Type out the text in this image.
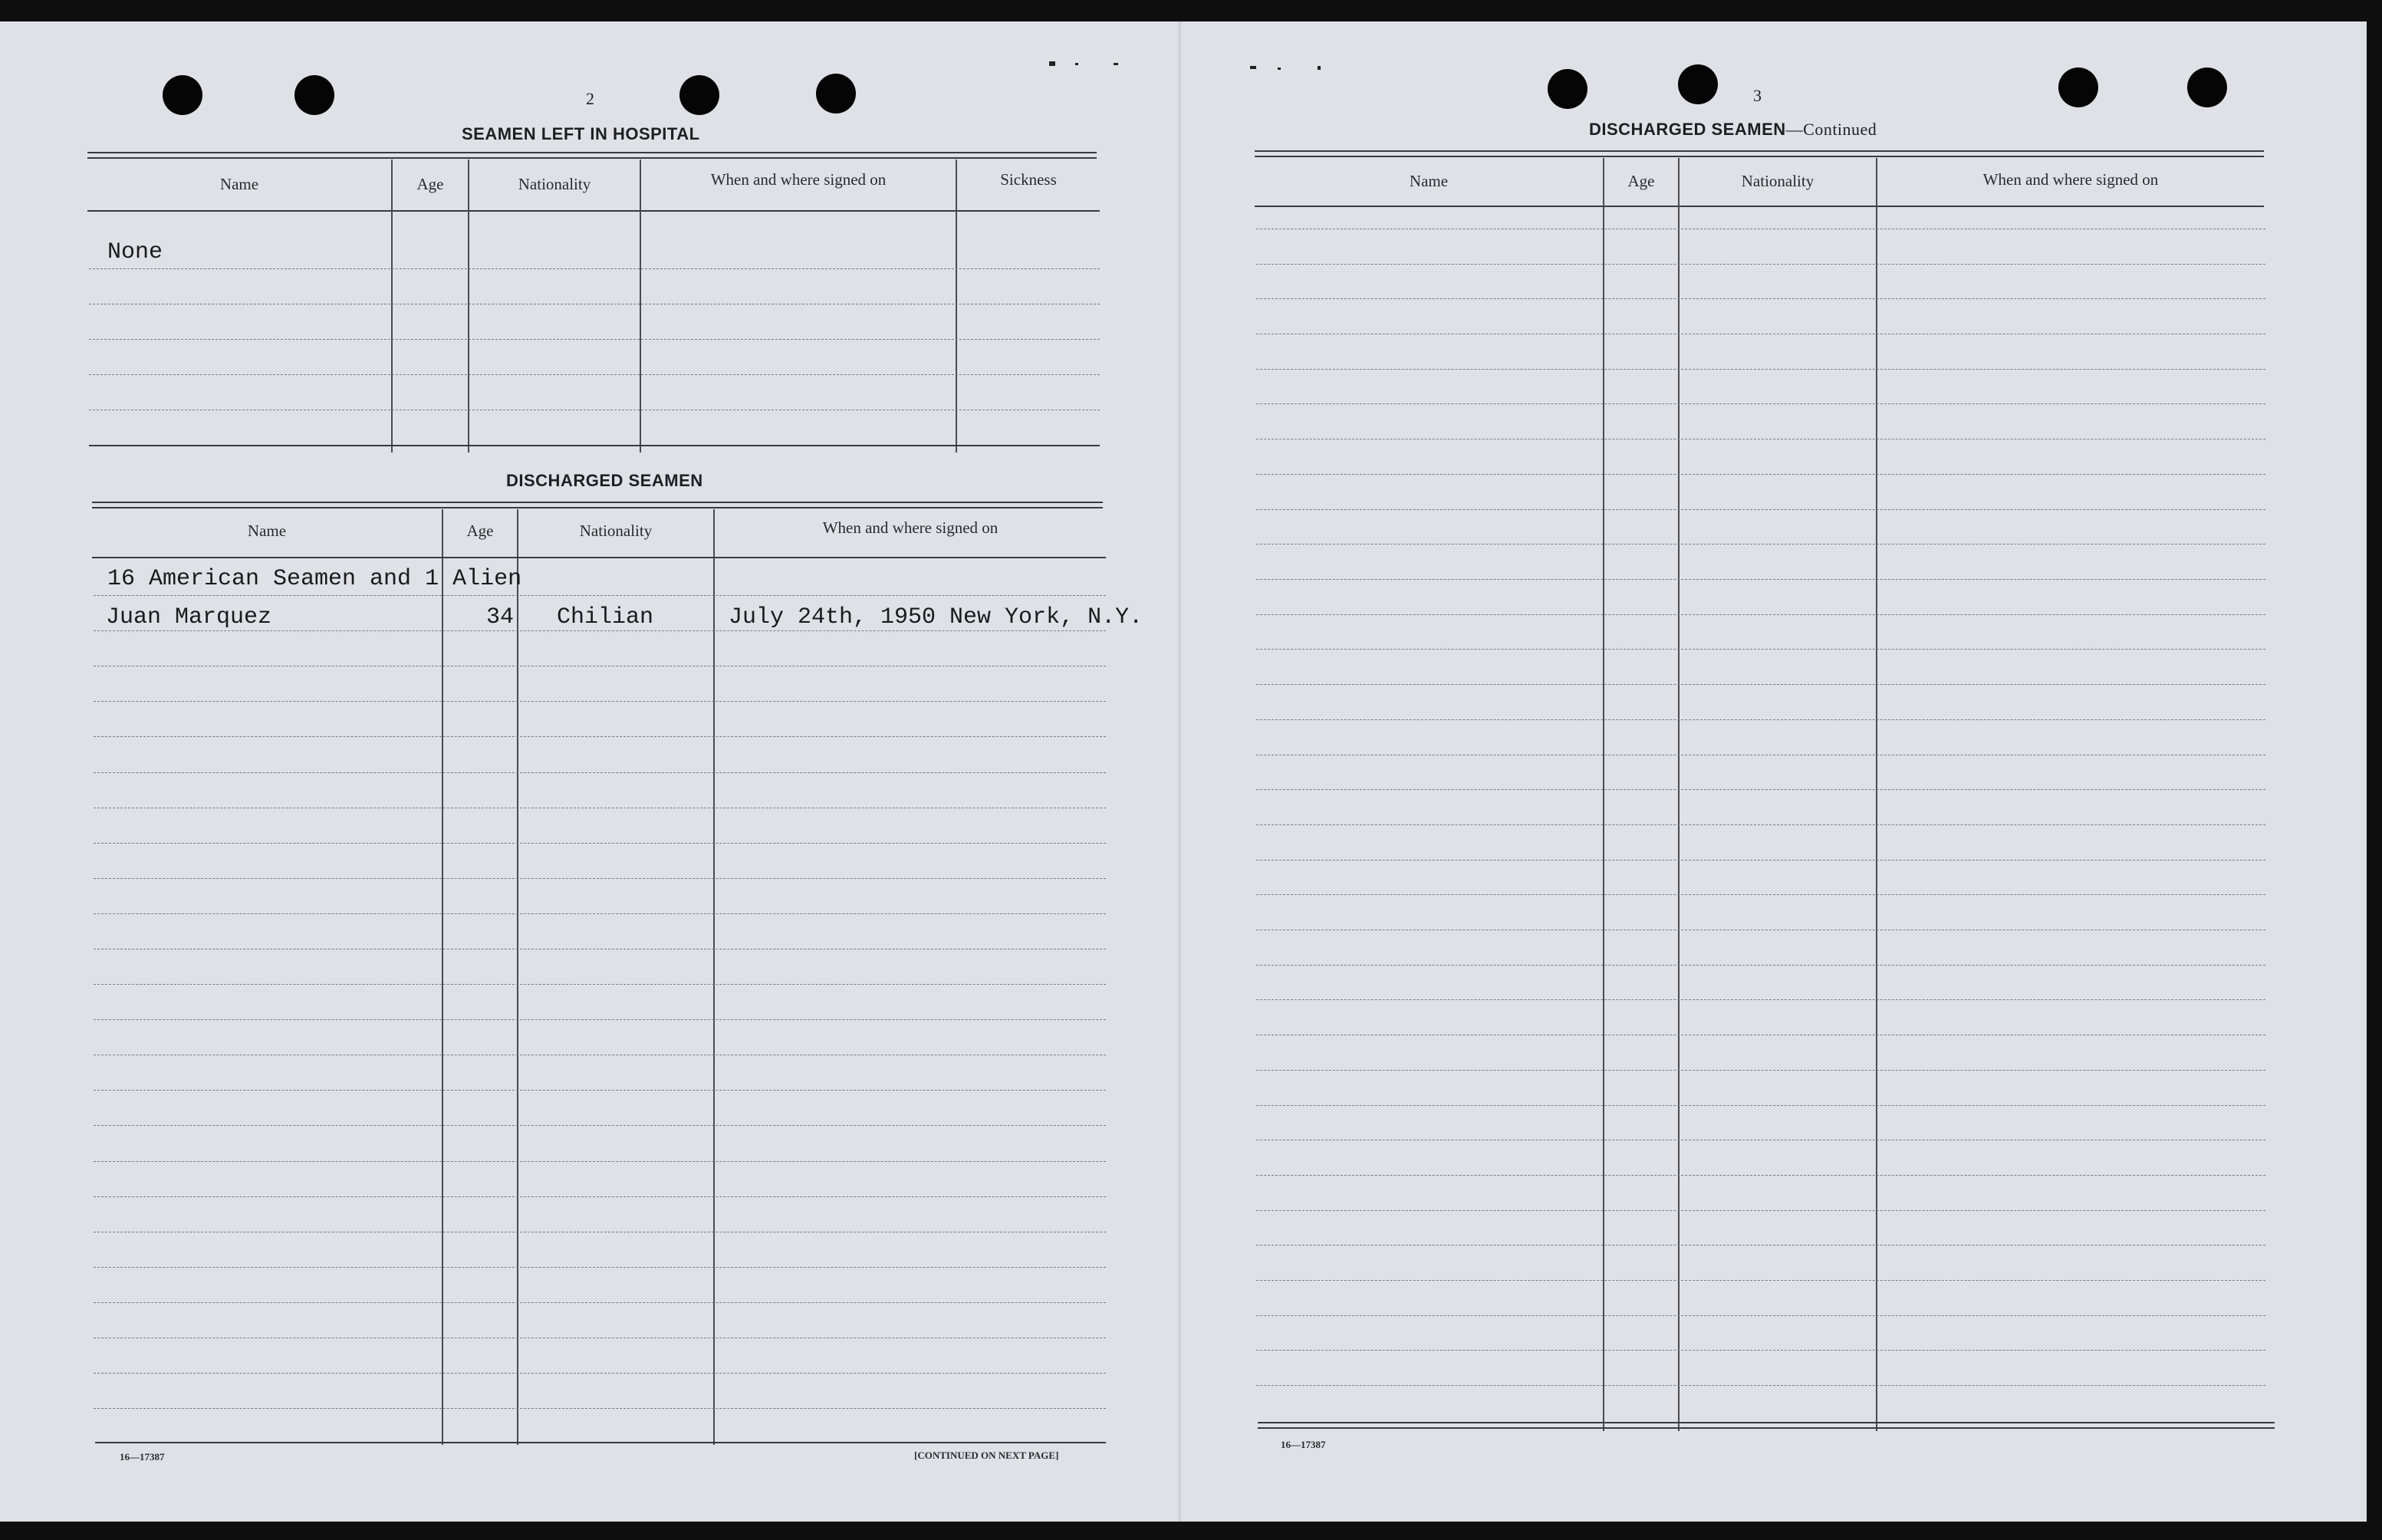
2
SEAMEN LEFT IN HOSPITAL
Name	Age	Nationality	When and where signed on	Sickness
None
DISCHARGED SEAMEN
Name	Age	Nationality	When and where signed on
16 American Seamen and 1 Alien
Juan Marquez	34 Chilian	July 24th, 1950 New York, N.Y.
16—17387	[CONTINUED ON NEXT PAGE]
3
DISCHARGED SEAMEN—Continued
Name	Age	Nationality	When and where signed on
16—17387
